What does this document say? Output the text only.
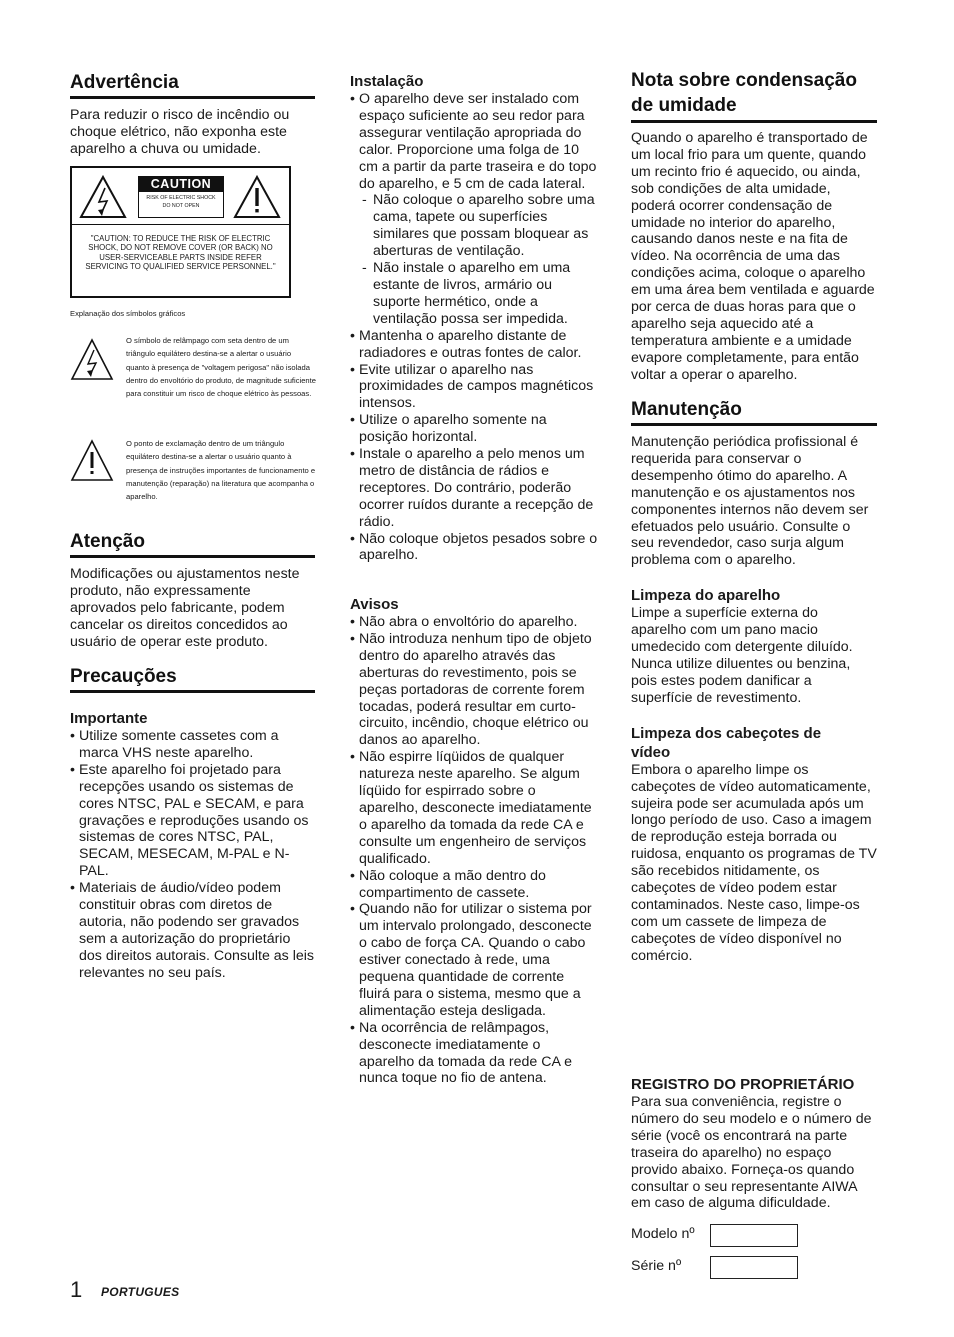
Advertência

Para reduzir o risco de incêndio ou choque elétrico, não exponha este aparelho a chuva ou umidade.

CAUTION
RISK OF ELECTRIC SHOCK
DO NOT OPEN
"CAUTION: TO REDUCE THE RISK OF ELECTRIC SHOCK, DO NOT REMOVE COVER (OR BACK) NO USER-SERVICEABLE PARTS INSIDE REFER SERVICING TO QUALIFIED SERVICE PERSONNEL."
Explanação dos símbolos gráficos
O símbolo de relâmpago com seta dentro de um triângulo equilátero destina-se a alertar o usuário quanto à presença de "voltagem perigosa" não isolada dentro do envoltório do produto, de magnitude suficiente para constituir um risco de choque elétrico às pessoas.
O ponto de exclamação dentro de um triângulo equilátero destina-se a alertar o usuário quanto à presença de instruções importantes de funcionamento e manutenção (reparação) na literatura que acompanha o aparelho.
Atenção

Modificações ou ajustamentos neste produto, não expressamente aprovados pelo fabricante, podem cancelar os direitos concedidos ao usuário de operar este produto.

Precauções
Importante
• Utilize somente cassetes com a marca VHS neste aparelho.
• Este aparelho foi projetado para recepções usando os sistemas de cores NTSC, PAL e SECAM, e para gravações e reproduções usando os sistemas de cores NTSC, PAL, SECAM, MESECAM, M-PAL e N-PAL.
• Materiais de áudio/vídeo podem constituir obras com diretos de autoria, não podendo ser gravados sem a autorização do proprietário dos direitos autorais. Consulte as leis relevantes no seu país.
Instalação
• O aparelho deve ser instalado com espaço suficiente ao seu redor para assegurar ventilação apropriada do calor. Proporcione uma folga de 10 cm a partir da parte traseira e do topo do aparelho, e 5 cm de cada lateral.
- Não coloque o aparelho sobre uma cama, tapete ou superfícies similares que possam bloquear as aberturas de ventilação.
- Não instale o aparelho em uma estante de livros, armário ou suporte hermético, onde a ventilação possa ser impedida.
• Mantenha o aparelho distante de radiadores e outras fontes de calor.
• Evite utilizar o aparelho nas proximidades de campos magnéticos intensos.
• Utilize o aparelho somente na posição horizontal.
• Instale o aparelho a pelo menos um metro de distância de rádios e receptores. Do contrário, poderão ocorrer ruídos durante a recepção de rádio.
• Não coloque objetos pesados sobre o aparelho.
Avisos
• Não abra o envoltório do aparelho.
• Não introduza nenhum tipo de objeto dentro do aparelho através das aberturas do revestimento, pois se peças portadoras de corrente forem tocadas, poderá resultar em curto-circuito, incêndio, choque elétrico ou danos ao aparelho.
• Não espirre líqüidos de qualquer natureza neste aparelho. Se algum líqüido for espirrado sobre o aparelho, desconecte imediatamente o aparelho da tomada da rede CA e consulte um engenheiro de serviços qualificado.
• Não coloque a mão dentro do compartimento de cassete.
• Quando não for utilizar o sistema por um intervalo prolongado, desconecte o cabo de força CA. Quando o cabo estiver conectado à rede, uma pequena quantidade de corrente fluirá para o sistema, mesmo que a alimentação esteja desligada.
• Na ocorrência de relâmpagos, desconecte imediatamente o aparelho da tomada da rede CA e nunca toque no fio de antena.
Nota sobre condensação de umidade

Quando o aparelho é transportado de um local frio para um quente, quando um recinto frio é aquecido, ou ainda, sob condições de alta umidade, poderá ocorrer condensação de umidade no interior do aparelho, causando danos neste e na fita de vídeo. Na ocorrência de uma das condições acima, coloque o aparelho em uma área bem ventilada e aguarde por cerca de duas horas para que o aparelho seja aquecido até a temperatura ambiente e a umidade evapore completamente, para então voltar a operar o aparelho.

Manutenção

Manutenção periódica profissional é requerida para conservar o desempenho ótimo do aparelho. A manutenção e os ajustamentos nos componentes internos não devem ser efetuados pelo usuário. Consulte o seu revendedor, caso surja algum problema com o aparelho.

Limpeza do aparelho

Limpe a superfície externa do aparelho com um pano macio umedecido com detergente diluído. Nunca utilize diluentes ou benzina, pois estes podem danificar a superfície de revestimento.

Limpeza dos cabeçotes de vídeo

Embora o aparelho limpe os cabeçotes de vídeo automaticamente, sujeira pode ser acumulada após um longo período de uso. Caso a imagem de reprodução esteja borrada ou ruidosa, enquanto os programas de TV são recebidos nitidamente, os cabeçotes de vídeo podem estar contaminados. Neste caso, limpe-os com um cassete de limpeza de cabeçotes de vídeo disponível no comércio.

REGISTRO DO PROPRIETÁRIO

Para sua conveniência, registre o número do seu modelo e o número de série (você os encontrará na parte traseira do aparelho) no espaço provido abaixo. Forneça-os quando consultar o seu representante AIWA em caso de alguma dificuldade.

Modelo nº
Série nº
1 PORTUGUES
